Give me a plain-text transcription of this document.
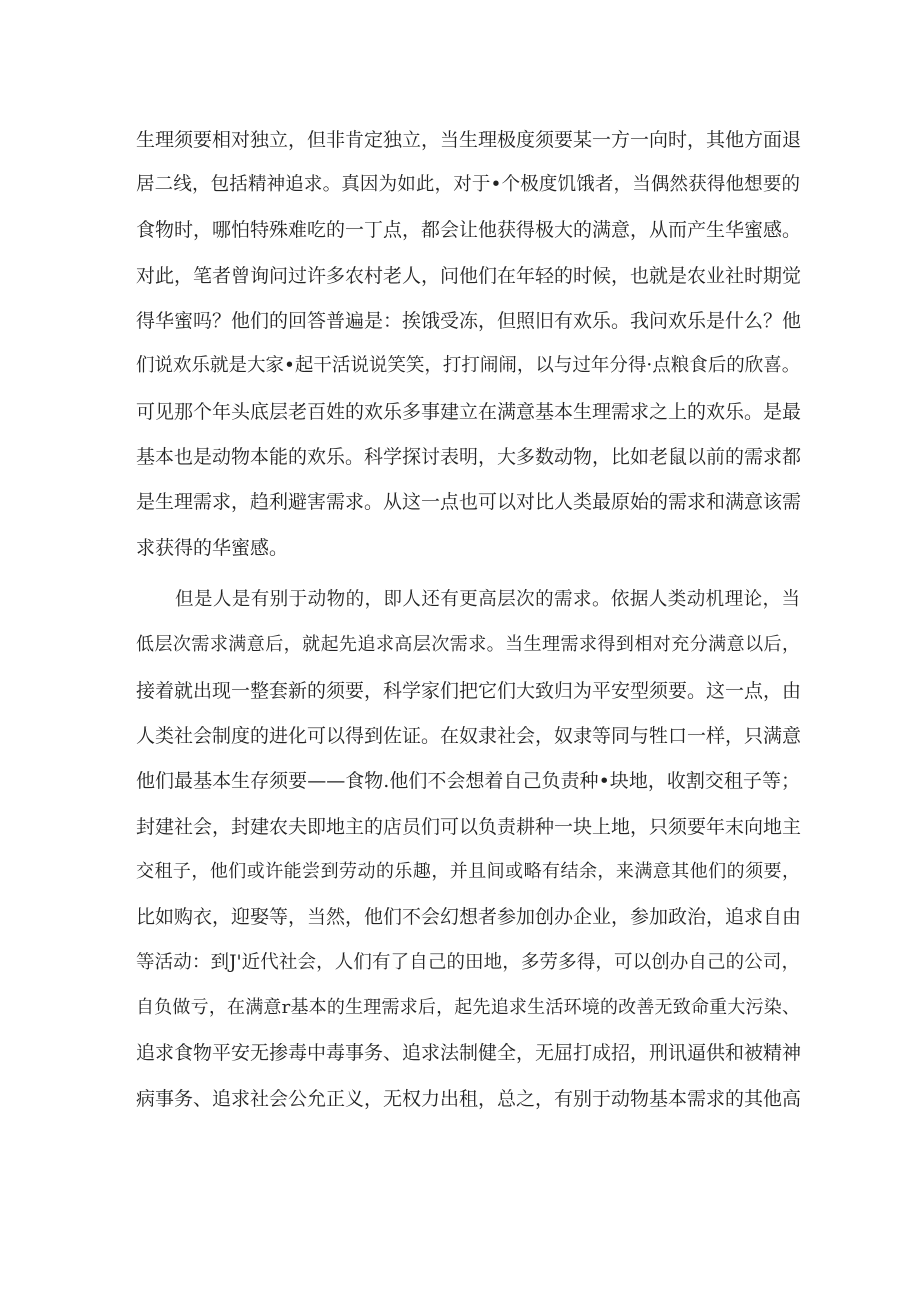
生理须要相对独立，但非肯定独立，当生理极度须要某一方一向时，其他方面退
居二线，包括精神追求。真因为如此，对于•个极度饥饿者，当偶然获得他想要的
食物时，哪怕特殊难吃的一丁点，都会让他获得极大的满意，从而产生华蜜感。
对此，笔者曾询问过许多农村老人，问他们在年轻的时候，也就是农业社时期觉
得华蜜吗？他们的回答普遍是：挨饿受冻，但照旧有欢乐。我问欢乐是什么？他
们说欢乐就是大家•起干活说说笑笑，打打闹闹，以与过年分得·点粮食后的欣喜。
可见那个年头底层老百姓的欢乐多事建立在满意基本生理需求之上的欢乐。是最
基本也是动物本能的欢乐。科学探讨表明，大多数动物，比如老鼠以前的需求都
是生理需求，趋利避害需求。从这一点也可以对比人类最原始的需求和满意该需
求获得的华蜜感。
但是人是有别于动物的，即人还有更高层次的需求。依据人类动机理论，当
低层次需求满意后，就起先追求高层次需求。当生理需求得到相对充分满意以后，
接着就出现一整套新的须要，科学家们把它们大致归为平安型须要。这一点，由
人类社会制度的进化可以得到佐证。在奴隶社会，奴隶等同与牲口一样，只满意
他们最基本生存须要——食物.他们不会想着自己负责种•块地，收割交租子等；
封建社会，封建农夫即地主的店员们可以负责耕种一块上地，只须要年末向地主
交租子，他们或许能尝到劳动的乐趣，并且间或略有结余，来满意其他们的须要，
比如购衣，迎娶等，当然，他们不会幻想者参加创办企业，参加政治，追求自由
等活动：到J'近代社会，人们有了自己的田地，多劳多得，可以创办自己的公司，
自负做亏，在满意r基本的生理需求后，起先追求生活环境的改善无致命重大污染、
追求食物平安无掺毒中毒事务、追求法制健全，无屈打成招，刑讯逼供和被精神
病事务、追求社会公允正义，无权力出租，总之，有别于动物基本需求的其他高
